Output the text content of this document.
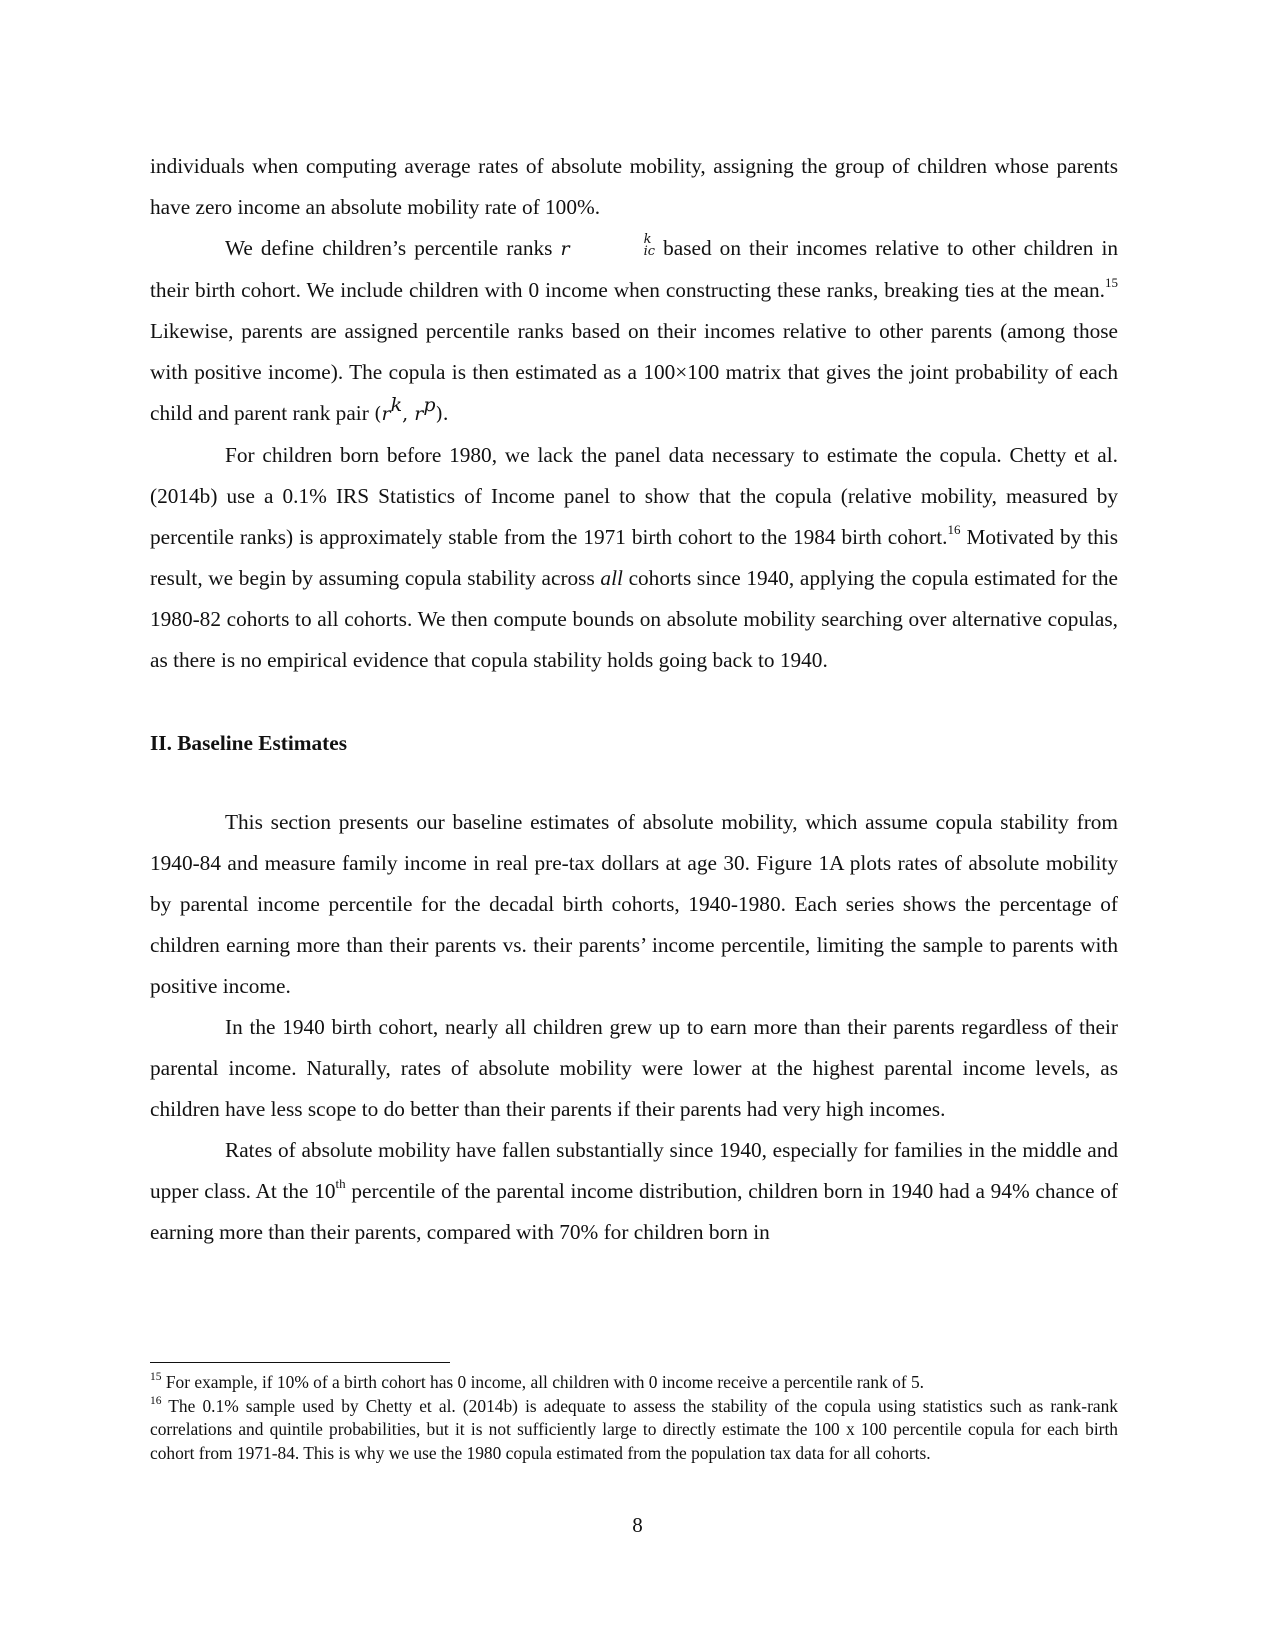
individuals when computing average rates of absolute mobility, assigning the group of children whose parents have zero income an absolute mobility rate of 100%.

We define children’s percentile ranks r	k
ic based on their incomes relative to other children in their birth cohort. We include children with 0 income when constructing these ranks, breaking ties at the mean.$^{15}$ Likewise, parents are assigned percentile ranks based on their incomes relative to other parents (among those with positive income). The copula is then estimated as a 100×100 matrix that gives the joint probability of each child and parent rank pair ($r^k$, $r^p$).

For children born before 1980, we lack the panel data necessary to estimate the copula. Chetty et al. (2014b) use a 0.1% IRS Statistics of Income panel to show that the copula (relative mobility, measured by percentile ranks) is approximately stable from the 1971 birth cohort to the 1984 birth cohort.$^{16}$ Motivated by this result, we begin by assuming copula stability across all cohorts since 1940, applying the copula estimated for the 1980-82 cohorts to all cohorts. We then compute bounds on absolute mobility searching over alternative copulas, as there is no empirical evidence that copula stability holds going back to 1940.

II. Baseline Estimates

This section presents our baseline estimates of absolute mobility, which assume copula stability from 1940-84 and measure family income in real pre-tax dollars at age 30. Figure 1A plots rates of absolute mobility by parental income percentile for the decadal birth cohorts, 1940-1980. Each series shows the percentage of children earning more than their parents vs. their parents’ income percentile, limiting the sample to parents with positive income.

In the 1940 birth cohort, nearly all children grew up to earn more than their parents regardless of their parental income. Naturally, rates of absolute mobility were lower at the highest parental income levels, as children have less scope to do better than their parents if their parents had very high incomes.

Rates of absolute mobility have fallen substantially since 1940, especially for families in the middle and upper class. At the 10th percentile of the parental income distribution, children born in 1940 had a 94% chance of earning more than their parents, compared with 70% for children born in

$^{15}$ For example, if 10% of a birth cohort has 0 income, all children with 0 income receive a percentile rank of 5.

$^{16}$ The 0.1% sample used by Chetty et al. (2014b) is adequate to assess the stability of the copula using statistics such as rank-rank correlations and quintile probabilities, but it is not sufficiently large to directly estimate the 100 x 100 percentile copula for each birth cohort from 1971-84. This is why we use the 1980 copula estimated from the population tax data for all cohorts.

8
